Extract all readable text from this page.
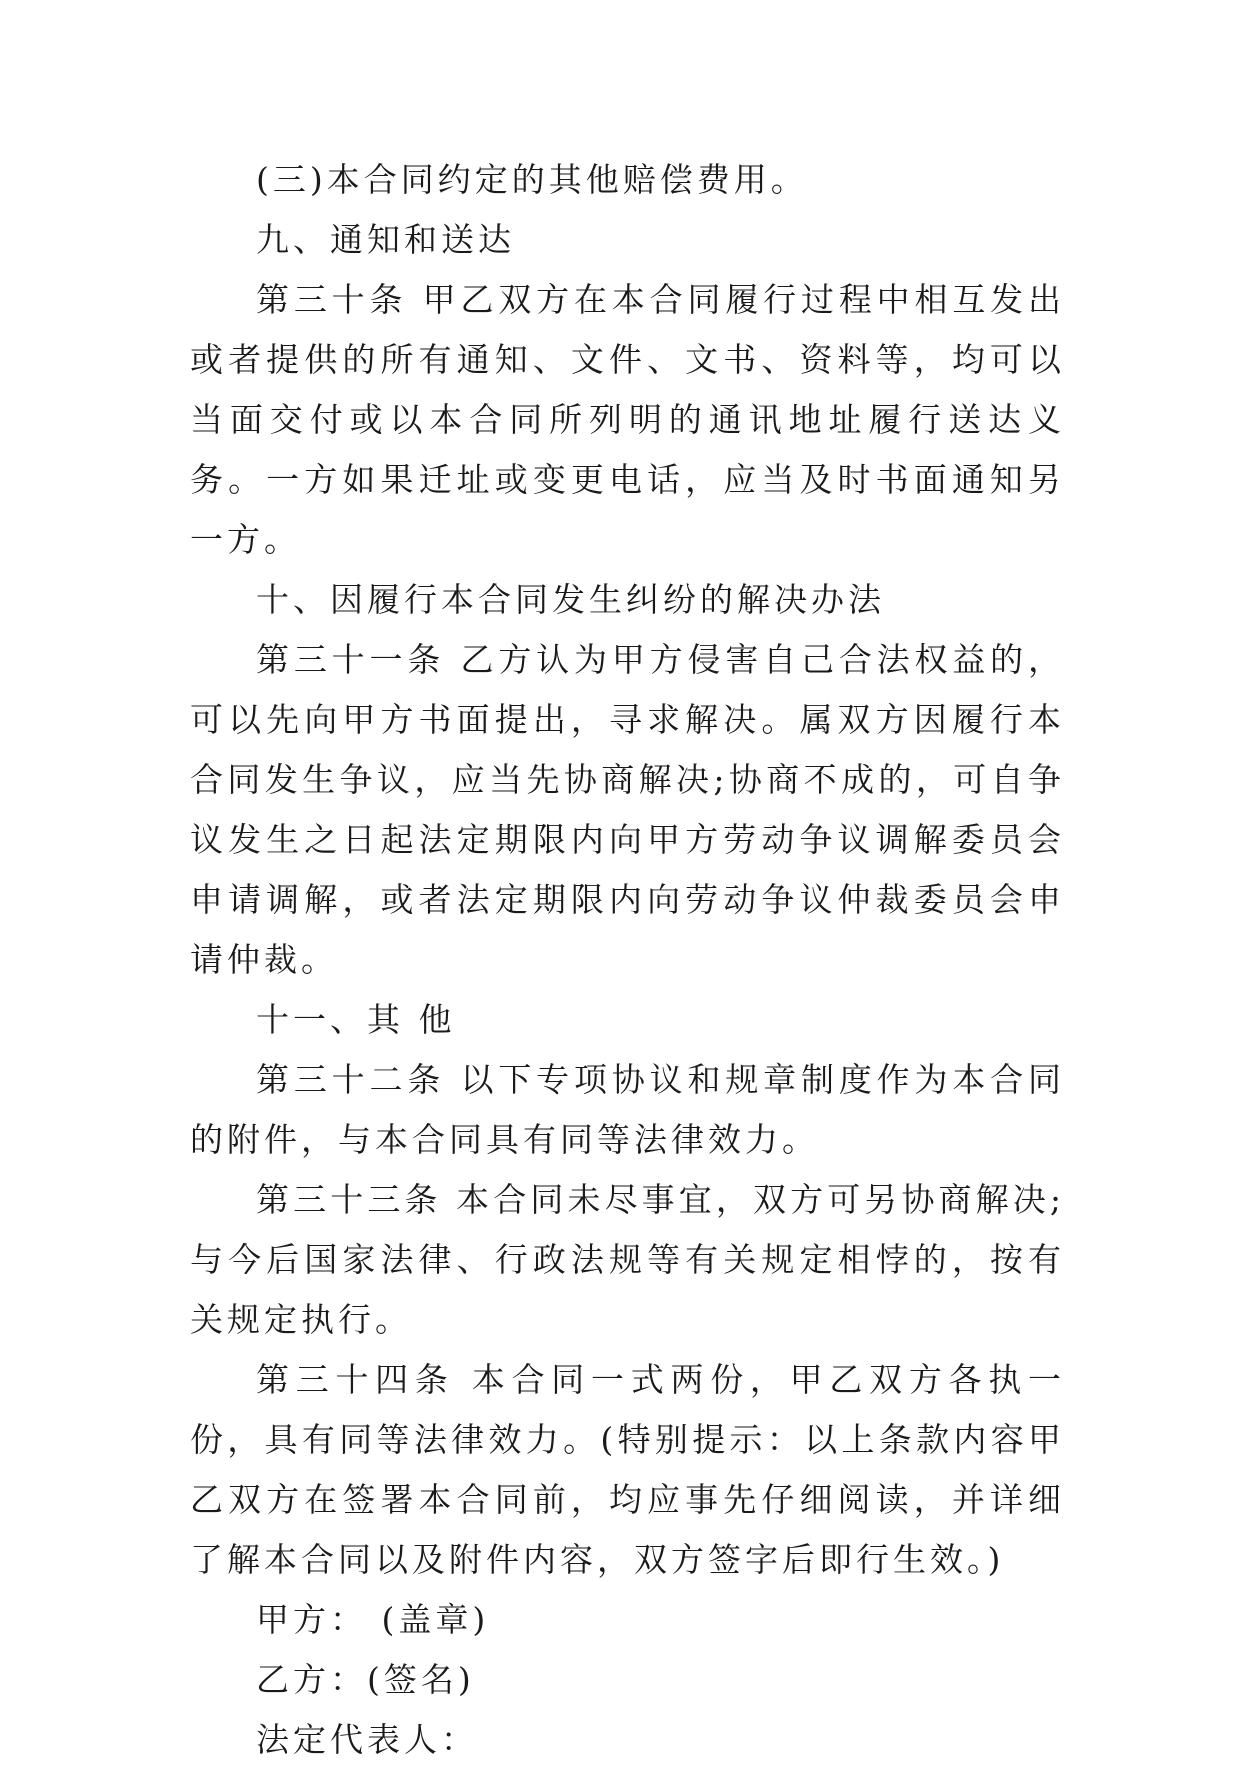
(三)本合同约定的其他赔偿费用。

九、通知和送达

第三十条 甲乙双方在本合同履行过程中相互发出或者提供的所有通知、文件、文书、资料等，均可以当面交付或以本合同所列明的通讯地址履行送达义务。一方如果迁址或变更电话，应当及时书面通知另一方。

十、因履行本合同发生纠纷的解决办法

第三十一条 乙方认为甲方侵害自己合法权益的，可以先向甲方书面提出，寻求解决。属双方因履行本合同发生争议，应当先协商解决;协商不成的，可自争议发生之日起法定期限内向甲方劳动争议调解委员会申请调解，或者法定期限内向劳动争议仲裁委员会申请仲裁。

十一、其 他

第三十二条 以下专项协议和规章制度作为本合同的附件，与本合同具有同等法律效力。

第三十三条 本合同未尽事宜，双方可另协商解决;与今后国家法律、行政法规等有关规定相悖的，按有关规定执行。

第三十四条 本合同一式两份，甲乙双方各执一份，具有同等法律效力。(特别提示：以上条款内容甲乙双方在签署本合同前，均应事先仔细阅读，并详细了解本合同以及附件内容，双方签字后即行生效。)

甲方： (盖章)

乙方：(签名)

法定代表人：
